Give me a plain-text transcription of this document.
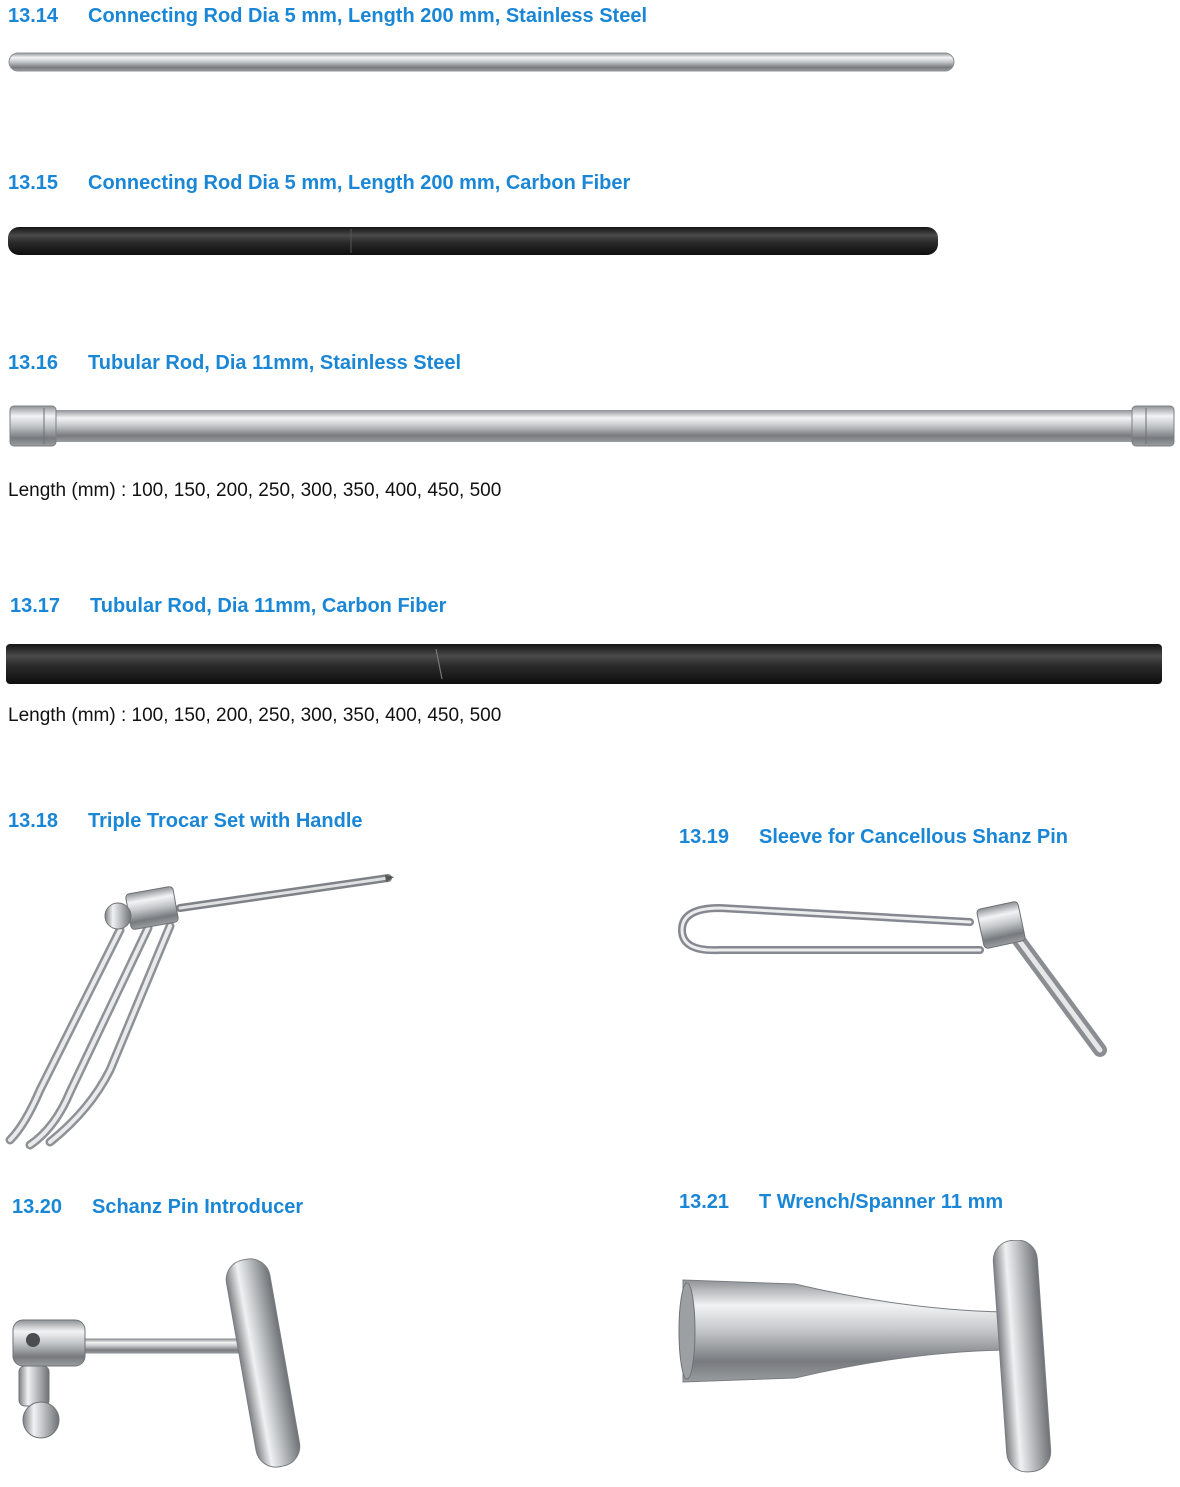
13.14 Connecting Rod Dia 5 mm, Length 200 mm, Stainless Steel
13.15 Connecting Rod Dia 5 mm, Length 200 mm, Carbon Fiber
13.16 Tubular Rod, Dia 11mm, Stainless Steel
Length (mm) : 100, 150, 200, 250, 300, 350, 400, 450, 500
13.17 Tubular Rod, Dia 11mm, Carbon Fiber
Length (mm) : 100, 150, 200, 250, 300, 350, 400, 450, 500
13.18 Triple Trocar Set with Handle
13.19 Sleeve for Cancellous Shanz Pin
13.20 Schanz Pin Introducer	13.21 T Wrench/Spanner 11 mm
